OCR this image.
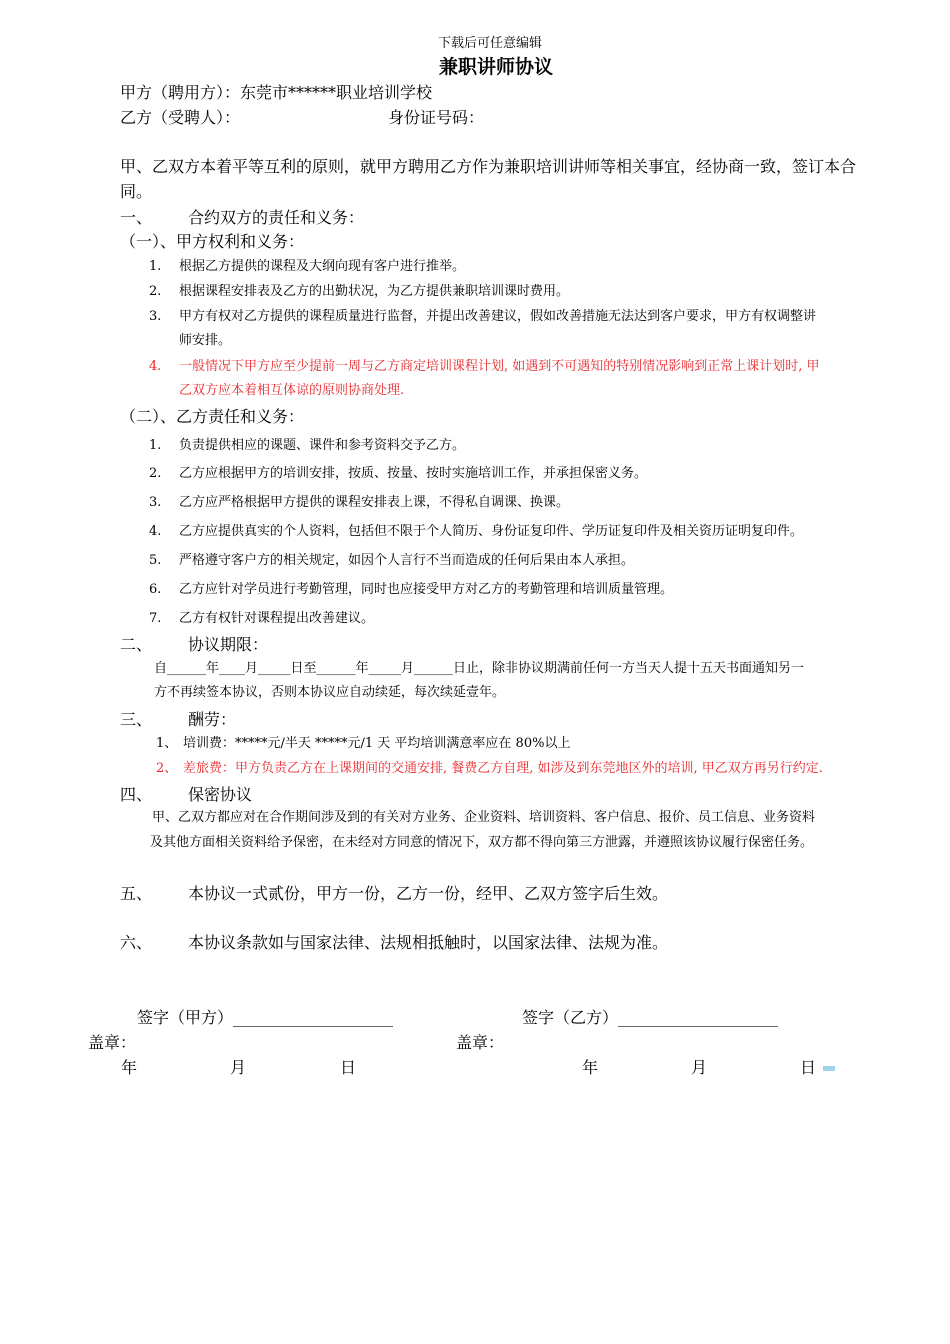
下载后可任意编辑
兼职讲师协议
甲方（聘用方）：东莞市******职业培训学校
乙方（受聘人）：	身份证号码：
甲、乙双方本着平等互利的原则，就甲方聘用乙方作为兼职培训讲师等相关事宜，经协商一致，签订本合
同。
一、 合约双方的责任和义务：
（一）、甲方权利和义务：
1. 根据乙方提供的课程及大纲向现有客户进行推举。
2. 根据课程安排表及乙方的出勤状况，为乙方提供兼职培训课时费用。
3. 甲方有权对乙方提供的课程质量进行监督，并提出改善建议，假如改善措施无法达到客户要求，甲方有权调整讲
师安排。
4. 一般情况下甲方应至少提前一周与乙方商定培训课程计划, 如遇到不可遇知的特别情况影响到正常上课计划时, 甲
乙双方应本着相互体谅的原则协商处理.
（二）、乙方责任和义务：
1. 负责提供相应的课题、课件和参考资料交予乙方。
2. 乙方应根据甲方的培训安排，按质、按量、按时实施培训工作，并承担保密义务。
3. 乙方应严格根据甲方提供的课程安排表上课，不得私自调课、换课。
4. 乙方应提供真实的个人资料，包括但不限于个人简历、身份证复印件、学历证复印件及相关资历证明复印件。
5. 严格遵守客户方的相关规定，如因个人言行不当而造成的任何后果由本人承担。
6. 乙方应针对学员进行考勤管理，同时也应接受甲方对乙方的考勤管理和培训质量管理。
7. 乙方有权针对课程提出改善建议。
二、 协议期限：
自______年____月_____日至______年_____月______日止，除非协议期满前任何一方当天人提十五天书面通知另一
方不再续签本协议，否则本协议应自动续延，每次续延壹年。
三、 酬劳：
1、 培训费：*****元/半天 *****元/1 天 平均培训满意率应在 80%以上
2、 差旅费：甲方负责乙方在上课期间的交通安排, 餐费乙方自理, 如涉及到东莞地区外的培训, 甲乙双方再另行约定.
四、 保密协议
甲、乙双方都应对在合作期间涉及到的有关对方业务、企业资料、培训资料、客户信息、报价、员工信息、业务资料
及其他方面相关资料给予保密，在未经对方同意的情况下，双方都不得向第三方泄露，并遵照该协议履行保密任务。
五、 本协议一式贰份，甲方一份，乙方一份，经甲、乙双方签字后生效。
六、 本协议条款如与国家法律、法规相抵触时，以国家法律、法规为准。
签字（甲方）____________________	签字（乙方）____________________
盖章：	盖章：
年	月	日	年	月	日
